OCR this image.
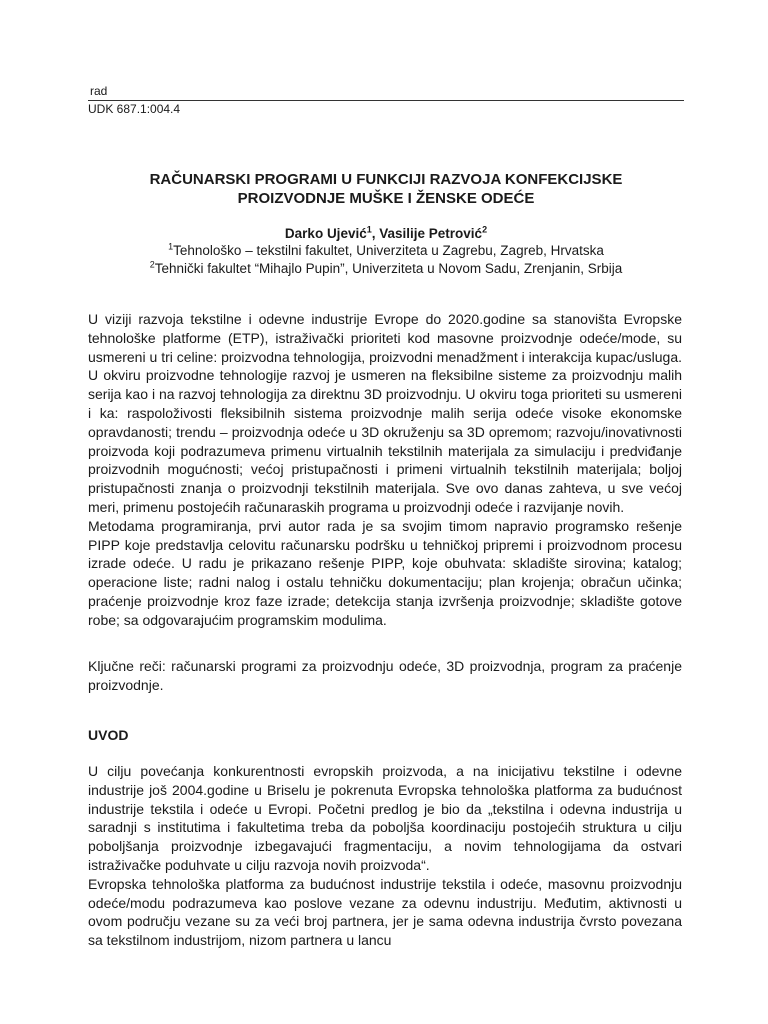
rad
UDK 687.1:004.4
RAČUNARSKI PROGRAMI U FUNKCIJI RAZVOJA KONFEKCIJSKE
PROIZVODNJE MUŠKE I ŽENSKE ODEĆE
Darko Ujević$^1$, Vasilije Petrović$^2$
$^1$Tehnološko – tekstilni fakultet, Univerziteta u Zagrebu, Zagreb, Hrvatska
$^2$Tehnički fakultet “Mihajlo Pupin”, Univerziteta u Novom Sadu, Zrenjanin, Srbija

U viziji razvoja tekstilne i odevne industrije Evrope do 2020.godine sa stanovišta Evropske tehnološke platforme (ETP), istraživački prioriteti kod masovne proizvodnje odeće/mode, su usmereni u tri celine: proizvodna tehnologija, proizvodni menadžment i interakcija kupac/usluga. U okviru proizvodne tehnologije razvoj je usmeren na fleksibilne sisteme za proizvodnju malih serija kao i na razvoj tehnologija za direktnu 3D proizvodnju. U okviru toga prioriteti su usmereni i ka: raspoloživosti fleksibilnih sistema proizvodnje malih serija odeće visoke ekonomske opravdanosti; trendu – proizvodnja odeće u 3D okruženju sa 3D opremom; razvoju/inovativnosti proizvoda koji podrazumeva primenu virtualnih tekstilnih materijala za simulaciju i predviđanje proizvodnih mogućnosti; većoj pristupačnosti i primeni virtualnih tekstilnih materijala; boljoj pristupačnosti znanja o proizvodnji tekstilnih materijala. Sve ovo danas zahteva, u sve većoj meri, primenu postojećih računaraskih programa u proizvodnji odeće i razvijanje novih.

Metodama programiranja, prvi autor rada je sa svojim timom napravio programsko rešenje PIPP koje predstavlja celovitu računarsku podršku u tehničkoj pripremi i proizvodnom procesu izrade odeće. U radu je prikazano rešenje PIPP, koje obuhvata: skladište sirovina; katalog; operacione liste; radni nalog i ostalu tehničku dokumentaciju; plan krojenja; obračun učinka; praćenje proizvodnje kroz faze izrade; detekcija stanja izvršenja proizvodnje; skladište gotove robe; sa odgovarajućim programskim modulima.

Ključne reči: računarski programi za proizvodnju odeće, 3D proizvodnja, program za praćenje proizvodnje.

UVOD

U cilju povećanja konkurentnosti evropskih proizvoda, a na inicijativu tekstilne i odevne industrije još 2004.godine u Briselu je pokrenuta Evropska tehnološka platforma za budućnost industrije tekstila i odeće u Evropi. Početni predlog je bio da „tekstilna i odevna industrija u saradnji s institutima i fakultetima treba da poboljša koordinaciju postojećih struktura u cilju poboljšanja proizvodnje izbegavajući fragmentaciju, a novim tehnologijama da ostvari istraživačke poduhvate u cilju razvoja novih proizvoda“.

Evropska tehnološka platforma za budućnost industrije tekstila i odeće, masovnu proizvodnju odeće/modu podrazumeva kao poslove vezane za odevnu industriju. Međutim, aktivnosti u ovom području vezane su za veći broj partnera, jer je sama odevna industrija čvrsto povezana sa tekstilnom industrijom, nizom partnera u lancu
